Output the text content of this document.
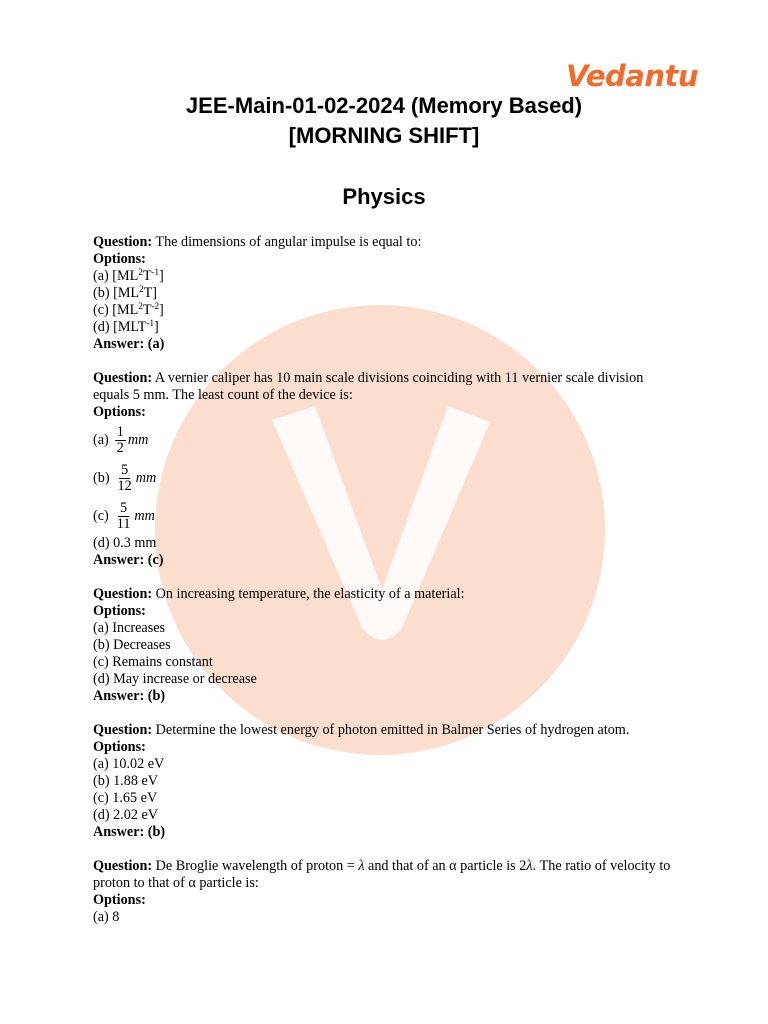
Vedantu
JEE-Main-01-02-2024 (Memory Based)
[MORNING SHIFT]
Physics
Question: The dimensions of angular impulse is equal to:
Options:
(a) $[ML^2T^{-1}]$
(b) $[ML^2T]$
(c) $[ML^2T^{-2}]$
(d) $[MLT^{-1}]$
Answer: (a)
Question: A vernier caliper has 10 main scale divisions coinciding with 11 vernier scale division equals 5 mm. The least count of the device is:
Options:
$(a) \frac{1}{2}$ mm
$(b) \frac{5}{12}$ mm
$(c) \frac{5}{11}$ mm
(d) 0.3 mm
Answer: (c)
Question: On increasing temperature, the elasticity of a material:
Options:
(a) Increases
(b) Decreases
(c) Remains constant
(d) May increase or decrease
Answer: (b)
Question: Determine the lowest energy of photon emitted in Balmer Series of hydrogen atom.
Options:
(a) 10.02 eV
(b) 1.88 eV
(c) 1.65 eV
(d) 2.02 eV
Answer: (b)
Question: De Broglie wavelength of proton = λ and that of an α particle is 2λ. The ratio of velocity to proton to that of α particle is:
Options:
(a) 8
